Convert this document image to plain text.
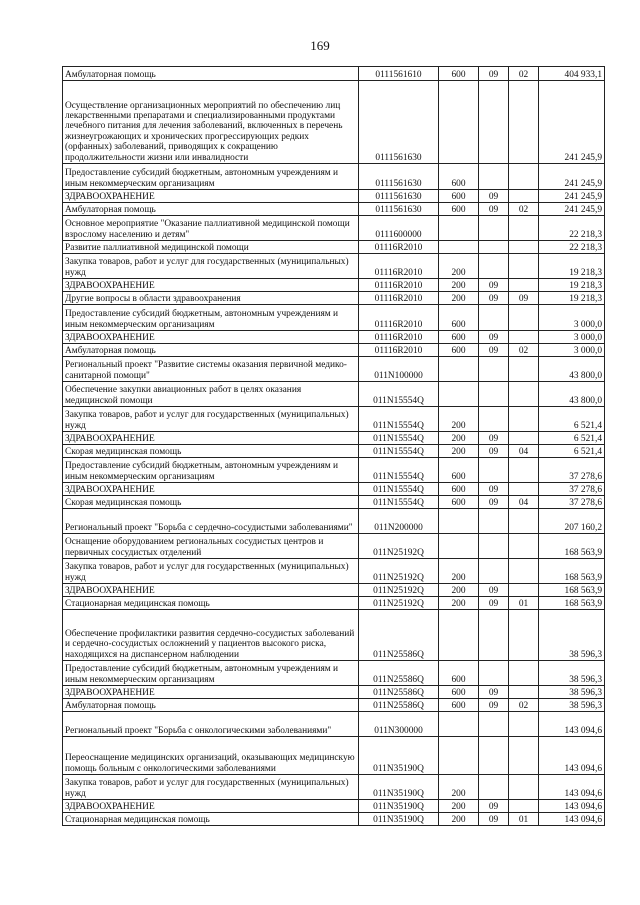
169
Амбулаторная помощь	0111561610	600	09	02	404 933,1
Осуществление организационных мероприятий по обеспечению лиц лекарственными препаратами и специализированными продуктами лечебного питания для лечения заболеваний, включенных в перечень жизнеугрожающих и хронических прогрессирующих редких (орфанных) заболеваний, приводящих к сокращению продолжительности жизни или инвалидности	0111561630				241 245,9
Предоставление субсидий бюджетным, автономным учреждениям и иным некоммерческим организациям	0111561630	600			241 245,9
ЗДРАВООХРАНЕНИЕ	0111561630	600	09		241 245,9
Амбулаторная помощь	0111561630	600	09	02	241 245,9
Основное мероприятие "Оказание паллиативной медицинской помощи взрослому населению и детям"	0111600000				22 218,3
Развитие паллиативной медицинской помощи	01116R2010				22 218,3
Закупка товаров, работ и услуг для государственных (муниципальных) нужд	01116R2010	200			19 218,3
ЗДРАВООХРАНЕНИЕ	01116R2010	200	09		19 218,3
Другие вопросы в области здравоохранения	01116R2010	200	09	09	19 218,3
Предоставление субсидий бюджетным, автономным учреждениям и иным некоммерческим организациям	01116R2010	600			3 000,0
ЗДРАВООХРАНЕНИЕ	01116R2010	600	09		3 000,0
Амбулаторная помощь	01116R2010	600	09	02	3 000,0
Региональный проект "Развитие системы оказания первичной медико-санитарной помощи"	011N100000				43 800,0
Обеспечение закупки авиационных работ в целях оказания медицинской помощи	011N15554Q				43 800,0
Закупка товаров, работ и услуг для государственных (муниципальных) нужд	011N15554Q	200			6 521,4
ЗДРАВООХРАНЕНИЕ	011N15554Q	200	09		6 521,4
Скорая медицинская помощь	011N15554Q	200	09	04	6 521,4
Предоставление субсидий бюджетным, автономным учреждениям и иным некоммерческим организациям	011N15554Q	600			37 278,6
ЗДРАВООХРАНЕНИЕ	011N15554Q	600	09		37 278,6
Скорая медицинская помощь	011N15554Q	600	09	04	37 278,6
Региональный проект "Борьба с сердечно-сосудистыми заболеваниями"	011N200000				207 160,2
Оснащение оборудованием региональных сосудистых центров и первичных сосудистых отделений	011N25192Q				168 563,9
Закупка товаров, работ и услуг для государственных (муниципальных) нужд	011N25192Q	200			168 563,9
ЗДРАВООХРАНЕНИЕ	011N25192Q	200	09		168 563,9
Стационарная медицинская помощь	011N25192Q	200	09	01	168 563,9
Обеспечение профилактики развития сердечно-сосудистых заболеваний и сердечно-сосудистых осложнений у пациентов высокого риска, находящихся на диспансерном наблюдении	011N25586Q				38 596,3
Предоставление субсидий бюджетным, автономным учреждениям и иным некоммерческим организациям	011N25586Q	600			38 596,3
ЗДРАВООХРАНЕНИЕ	011N25586Q	600	09		38 596,3
Амбулаторная помощь	011N25586Q	600	09	02	38 596,3
Региональный проект "Борьба с онкологическими заболеваниями"	011N300000				143 094,6
Переоснащение медицинских организаций, оказывающих медицинскую помощь больным с онкологическими заболеваниями	011N35190Q				143 094,6
Закупка товаров, работ и услуг для государственных (муниципальных) нужд	011N35190Q	200			143 094,6
ЗДРАВООХРАНЕНИЕ	011N35190Q	200	09		143 094,6
Стационарная медицинская помощь	011N35190Q	200	09	01	143 094,6
